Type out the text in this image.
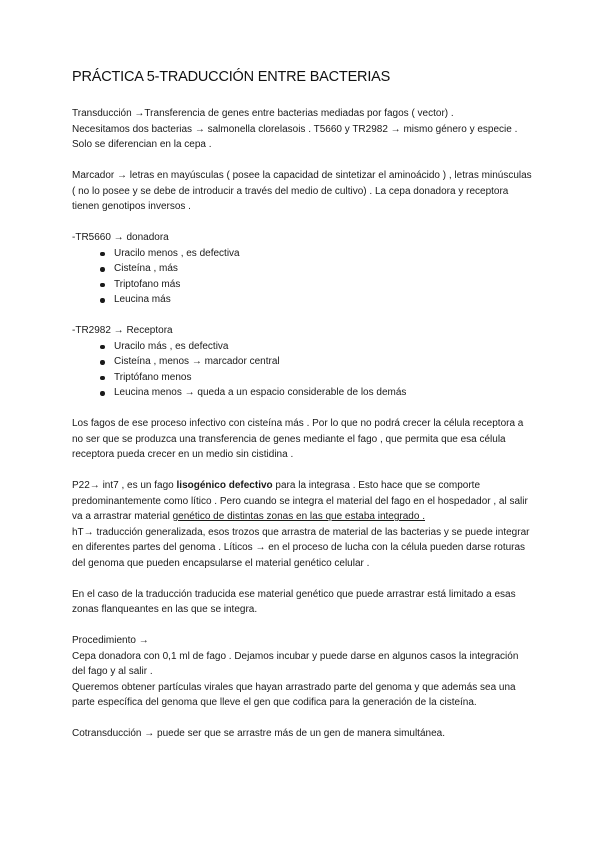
PRÁCTICA 5-TRADUCCIÓN ENTRE BACTERIAS

Transducción →Transferencia de genes entre bacterias mediadas por fagos ( vector) .

Necesitamos dos bacterias → salmonella clorelasois . T5660 y TR2982 → mismo género y especie . Solo se diferencian en la cepa .

Marcador → letras en mayúsculas ( posee la capacidad de sintetizar el aminoácido ) , letras minúsculas ( no lo posee y se debe de introducir a través del medio de cultivo) . La cepa donadora y receptora tienen genotipos inversos .

-TR5660 → donadora

Uracilo menos , es defectiva
Cisteína , más
Triptofano más
Leucina más

-TR2982 → Receptora

Uracilo más , es defectiva
Cisteína , menos → marcador central
Triptófano menos
Leucina menos → queda a un espacio considerable de los demás

Los fagos de ese proceso infectivo con cisteína más . Por lo que no podrá crecer la célula receptora a no ser que se produzca una transferencia de genes mediante el fago , que permita que esa célula receptora pueda crecer en un medio sin cistidina .

P22→ int7 , es un fago lisogénico defectivo para la integrasa . Esto hace que se comporte predominantemente como lítico . Pero cuando se integra el material del fago en el hospedador , al salir va a arrastrar material genético de distintas zonas en las que estaba integrado .

hT→ traducción generalizada, esos trozos que arrastra de material de las bacterias y se puede integrar en diferentes partes del genoma . Líticos → en el proceso de lucha con la célula pueden darse roturas del genoma que pueden encapsularse el material genético celular .

En el caso de la traducción traducida ese material genético que puede arrastrar está limitado a esas zonas flanqueantes en las que se integra.

Procedimiento →

Cepa donadora con 0,1 ml de fago . Dejamos incubar y puede darse en algunos casos la integración del fago y al salir .

Queremos obtener partículas virales que hayan arrastrado parte del genoma y que además sea una parte específica del genoma que lleve el gen que codifica para la generación de la cisteína.

Cotransducción → puede ser que se arrastre más de un gen de manera simultánea.
